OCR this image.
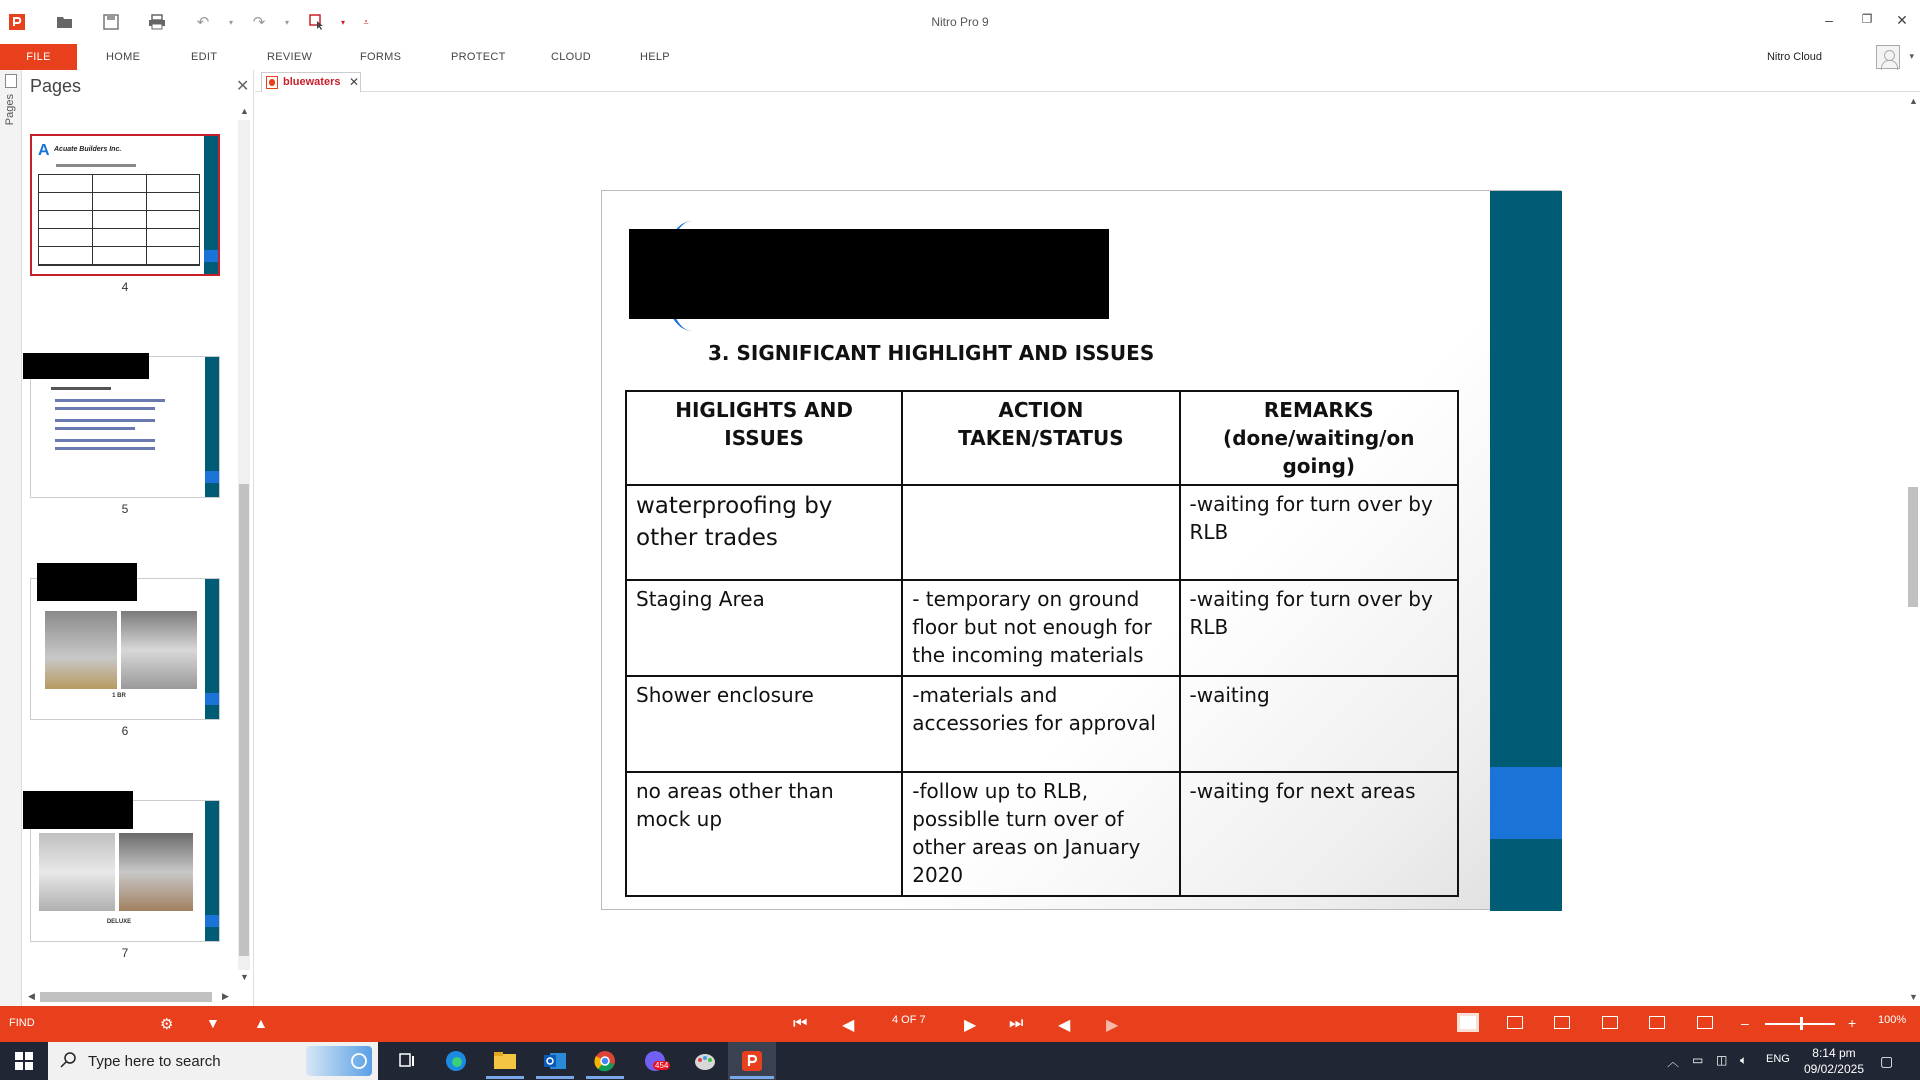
↶	▾	↷	▾	▾	⩡	Nitro Pro 9	–	❐	✕
FILE	HOME	EDIT	REVIEW	FORMS	PROTECT	CLOUD	HELP	Nitro Cloud	▾
Pages
Pages	✕
A Acuate Builders Inc.
4
5
1 BR
6
DELUXE
7
▲
▼
◀	▶
bluewaters ✕
3. SIGNIFICANT HIGHLIGHT AND ISSUES
HIGLIGHTS AND ISSUES	ACTION TAKEN/STATUS	REMARKS (done/waiting/on going)
waterproofing by other trades		-waiting for turn over by RLB
Staging Area	- temporary on ground floor but not enough for the incoming materials	-waiting for turn over by RLB
Shower enclosure	-materials and accessories for approval	-waiting
no areas other than mock up	-follow up to RLB, possiblle turn over of other areas on January 2020	-waiting for next areas
▲
▼
FIND	⚙ ▼ ▲	⏮ ◀	4 OF 7 ▶ ⏭ ◀ ▶	–	+ 100%
Type here to search	454	︿ ▭ ◫ 🔈︎ ENG	8:14 pm
09/02/2025 ▢
